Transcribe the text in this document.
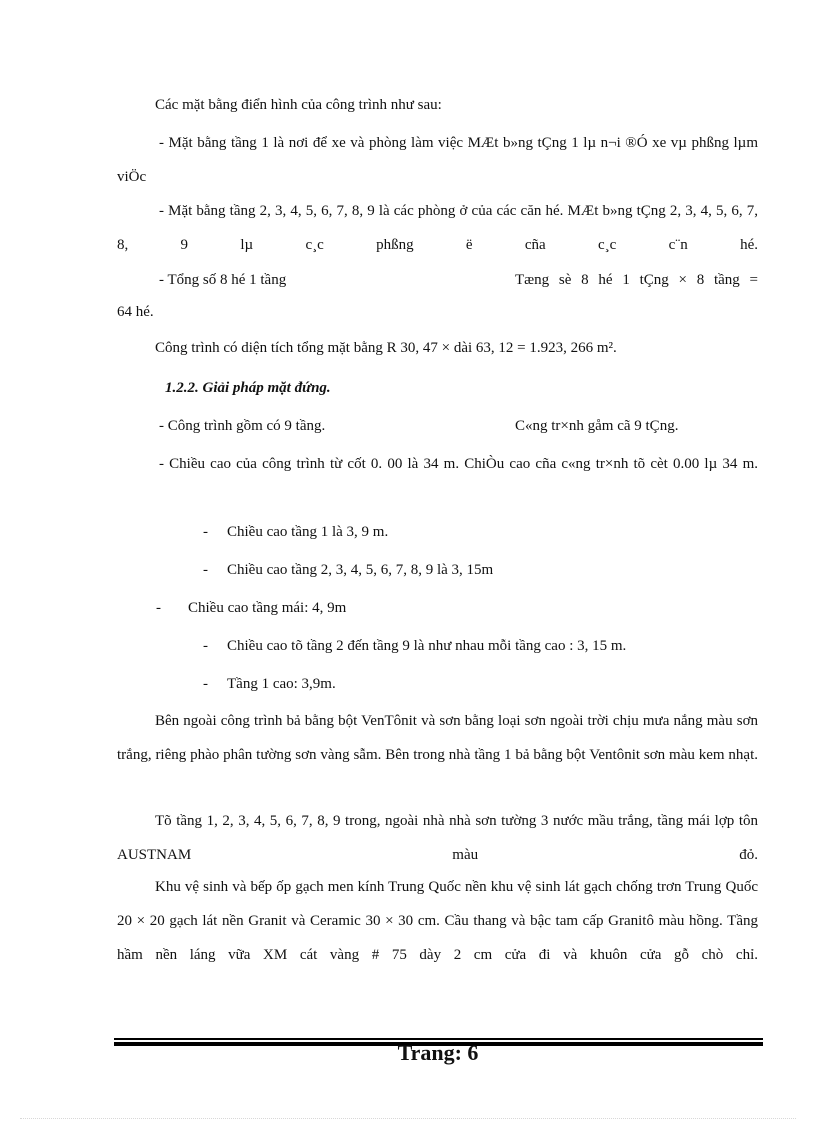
Các mặt bằng điển hình của công trình như sau:

- Mặt bằng tầng 1 là nơi để xe và phòng làm việc MÆt b»ng tÇng 1 lµ n¬i ®Ó xe vµ phßng lµm viÖc

- Mặt bằng tầng 2, 3, 4, 5, 6, 7, 8, 9 là các phòng ở của các căn hé. MÆt b»ng tÇng 2, 3, 4, 5, 6, 7, 8, 9 lµ c¸c phßng ë cña c¸c c¨n hé.

- Tổng số 8 hé 1 tầng	Tæng sè 8 hé 1 tÇng × 8 tầng =
64 hé.

Công trình có diện tích tổng mặt bằng R 30, 47 × dài 63, 12 = 1.923, 266 m².

1.2.2. Giải pháp mặt đứng.
- Công trình gồm có 9 tầng.	C«ng tr×nh gåm cã 9 tÇng.

- Chiều cao của công trình từ cốt 0. 00 là 34 m. ChiÒu cao cña c«ng tr×nh tõ cèt 0.00 lµ 34 m.

- Chiều cao tầng 1 là 3, 9 m.
- Chiều cao tầng 2, 3, 4, 5, 6, 7, 8, 9 là 3, 15m
- Chiều cao tầng mái: 4, 9m
- Chiều cao tõ tầng 2 đến tầng 9 là như nhau mỗi tầng cao : 3, 15 m.
- Tầng 1 cao: 3,9m.

Bên ngoài công trình bả bằng bột VenTônit và sơn bằng loại sơn ngoài trời chịu mưa nắng màu sơn trắng, riêng phào phân tường sơn vàng sẫm. Bên trong nhà tầng 1 bả bằng bột Ventônit sơn màu kem nhạt.

Tõ tầng 1, 2, 3, 4, 5, 6, 7, 8, 9 trong, ngoài nhà nhà sơn tường 3 nước mầu trắng, tầng mái lợp tôn AUSTNAM màu đỏ.

Khu vệ sinh và bếp ốp gạch men kính Trung Quốc nền khu vệ sinh lát gạch chống trơn Trung Quốc 20 × 20 gạch lát nền Granit và Ceramic 30 × 30 cm. Cầu thang và bậc tam cấp Granitô màu hồng. Tầng hầm nền láng vữa XM cát vàng # 75 dày 2 cm cửa đi và khuôn cửa gỗ chò chỉ.

Trang: 6
